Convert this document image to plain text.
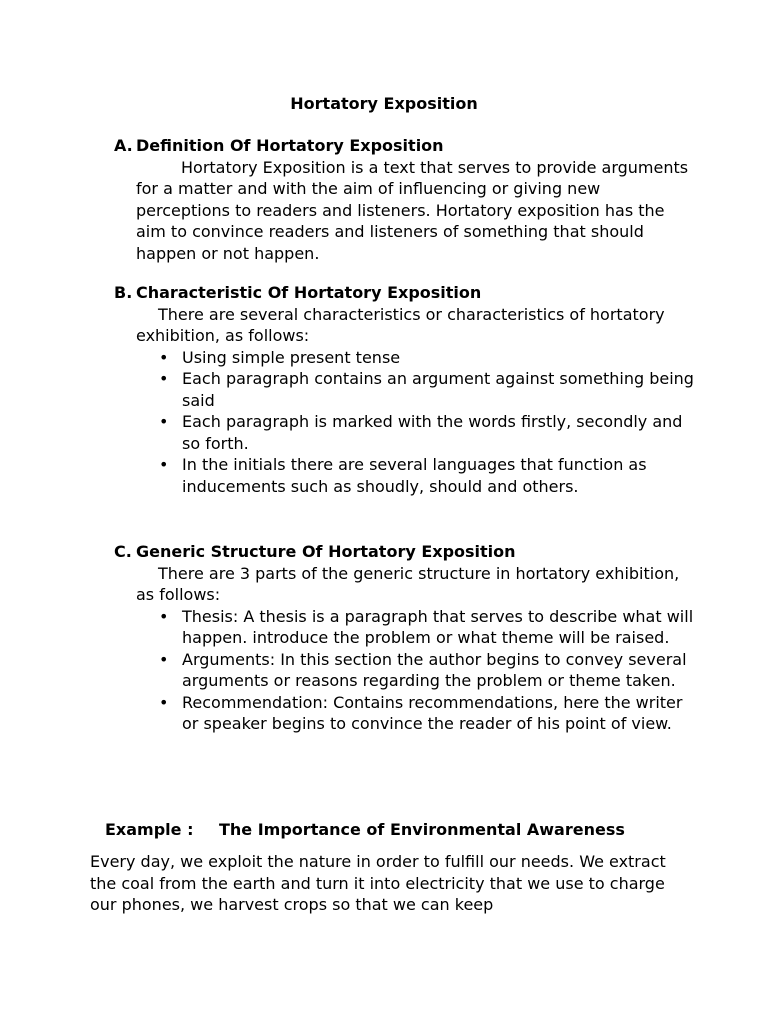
Hortatory Exposition
A. Definition Of Hortatory Exposition
Hortatory Exposition is a text that serves to provide arguments for a matter and with the aim of influencing or giving new perceptions to readers and listeners. Hortatory exposition has the aim to convince readers and listeners of something that should happen or not happen.
B. Characteristic Of Hortatory Exposition
There are several characteristics or characteristics of hortatory exhibition, as follows:
• Using simple present tense
• Each paragraph contains an argument against something being said
• Each paragraph is marked with the words firstly, secondly and so forth.
• In the initials there are several languages that function as inducements such as shoudly, should and others.
C. Generic Structure Of Hortatory Exposition
There are 3 parts of the generic structure in hortatory exhibition, as follows:
• Thesis: A thesis is a paragraph that serves to describe what will happen. introduce the problem or what theme will be raised.
• Arguments: In this section the author begins to convey several arguments or reasons regarding the problem or theme taken.
• Recommendation: Contains recommendations, here the writer or speaker begins to convince the reader of his point of view.
Example : The Importance of Environmental Awareness
Every day, we exploit the nature in order to fulfill our needs. We extract the coal from the earth and turn it into electricity that we use to charge our phones, we harvest crops so that we can keep
